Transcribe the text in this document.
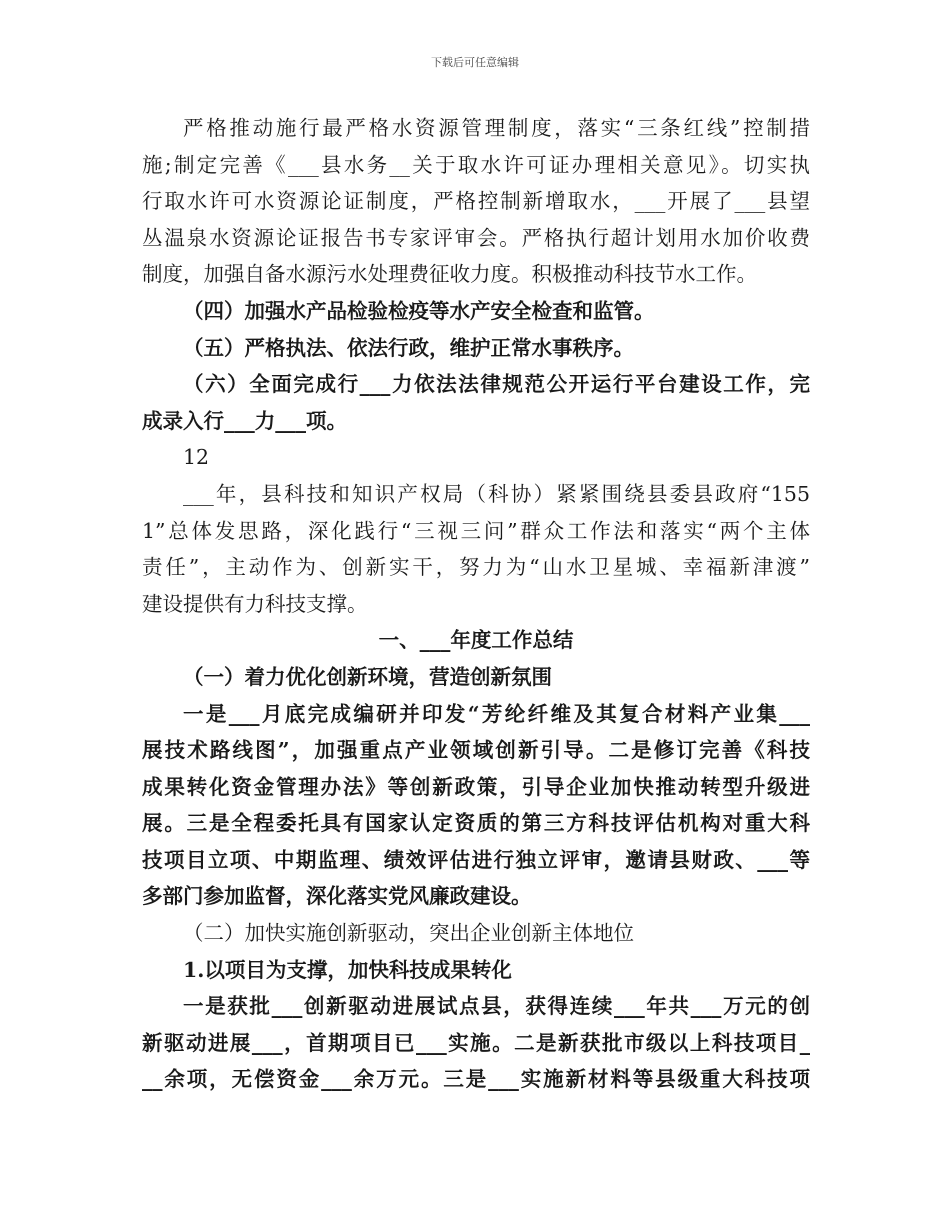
下载后可任意编辑
严格推动施行最严格水资源管理制度，落实“三条红线”控制措
施;制定完善《___县水务__关于取水许可证办理相关意见》。切实执
行取水许可水资源论证制度，严格控制新增取水，___开展了___县望
丛温泉水资源论证报告书专家评审会。严格执行超计划用水加价收费
制度，加强自备水源污水处理费征收力度。积极推动科技节水工作。
（四）加强水产品检验检疫等水产安全检查和监管。
（五）严格执法、依法行政，维护正常水事秩序。
（六）全面完成行___力依法法律规范公开运行平台建设工作，完
成录入行___力___项。
12
___年，县科技和知识产权局（科协）紧紧围绕县委县政府“155
1”总体发思路，深化践行“三视三问”群众工作法和落实“两个主体
责任”，主动作为、创新实干，努力为“山水卫星城、幸福新津渡”
建设提供有力科技支撑。
一、___年度工作总结
（一）着力优化创新环境，营造创新氛围
一是___月底完成编研并印发“芳纶纤维及其复合材料产业集___
展技术路线图”，加强重点产业领域创新引导。二是修订完善《科技
成果转化资金管理办法》等创新政策，引导企业加快推动转型升级进
展。三是全程委托具有国家认定资质的第三方科技评估机构对重大科
技项目立项、中期监理、绩效评估进行独立评审，邀请县财政、___等
多部门参加监督，深化落实党风廉政建设。
（二）加快实施创新驱动，突出企业创新主体地位
1.以项目为支撑，加快科技成果转化
一是获批___创新驱动进展试点县，获得连续___年共___万元的创
新驱动进展___，首期项目已___实施。二是新获批市级以上科技项目_
__余项，无偿资金___余万元。三是___实施新材料等县级重大科技项
